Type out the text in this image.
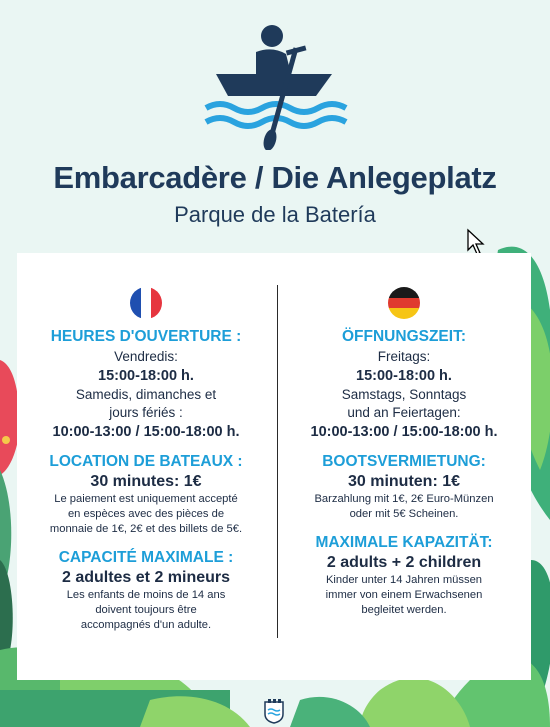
Embarcadère / Die Anlegeplatz
Parque de la Batería
HEURES D'OUVERTURE :
Vendredis:
15:00-18:00 h.
Samedis, dimanches et
jours fériés :
10:00-13:00 / 15:00-18:00 h.
LOCATION DE BATEAUX :
30 minutes: 1€
Le paiement est uniquement accepté
en espèces avec des pièces de
monnaie de 1€, 2€ et des billets de 5€.
CAPACITÉ MAXIMALE :
2 adultes et 2 mineurs
Les enfants de moins de 14 ans
doivent toujours être
accompagnés d'un adulte.
ÖFFNUNGSZEIT:
Freitags:
15:00-18:00 h.
Samstags, Sonntags
und an Feiertagen:
10:00-13:00 / 15:00-18:00 h.
BOOTSVERMIETUNG:
30 minuten: 1€
Barzahlung mit 1€, 2€ Euro-Münzen
oder mit 5€ Scheinen.
MAXIMALE KAPAZITÄT:
2 adults + 2 children
Kinder unter 14 Jahren müssen
immer von einem Erwachsenen
begleitet werden.
